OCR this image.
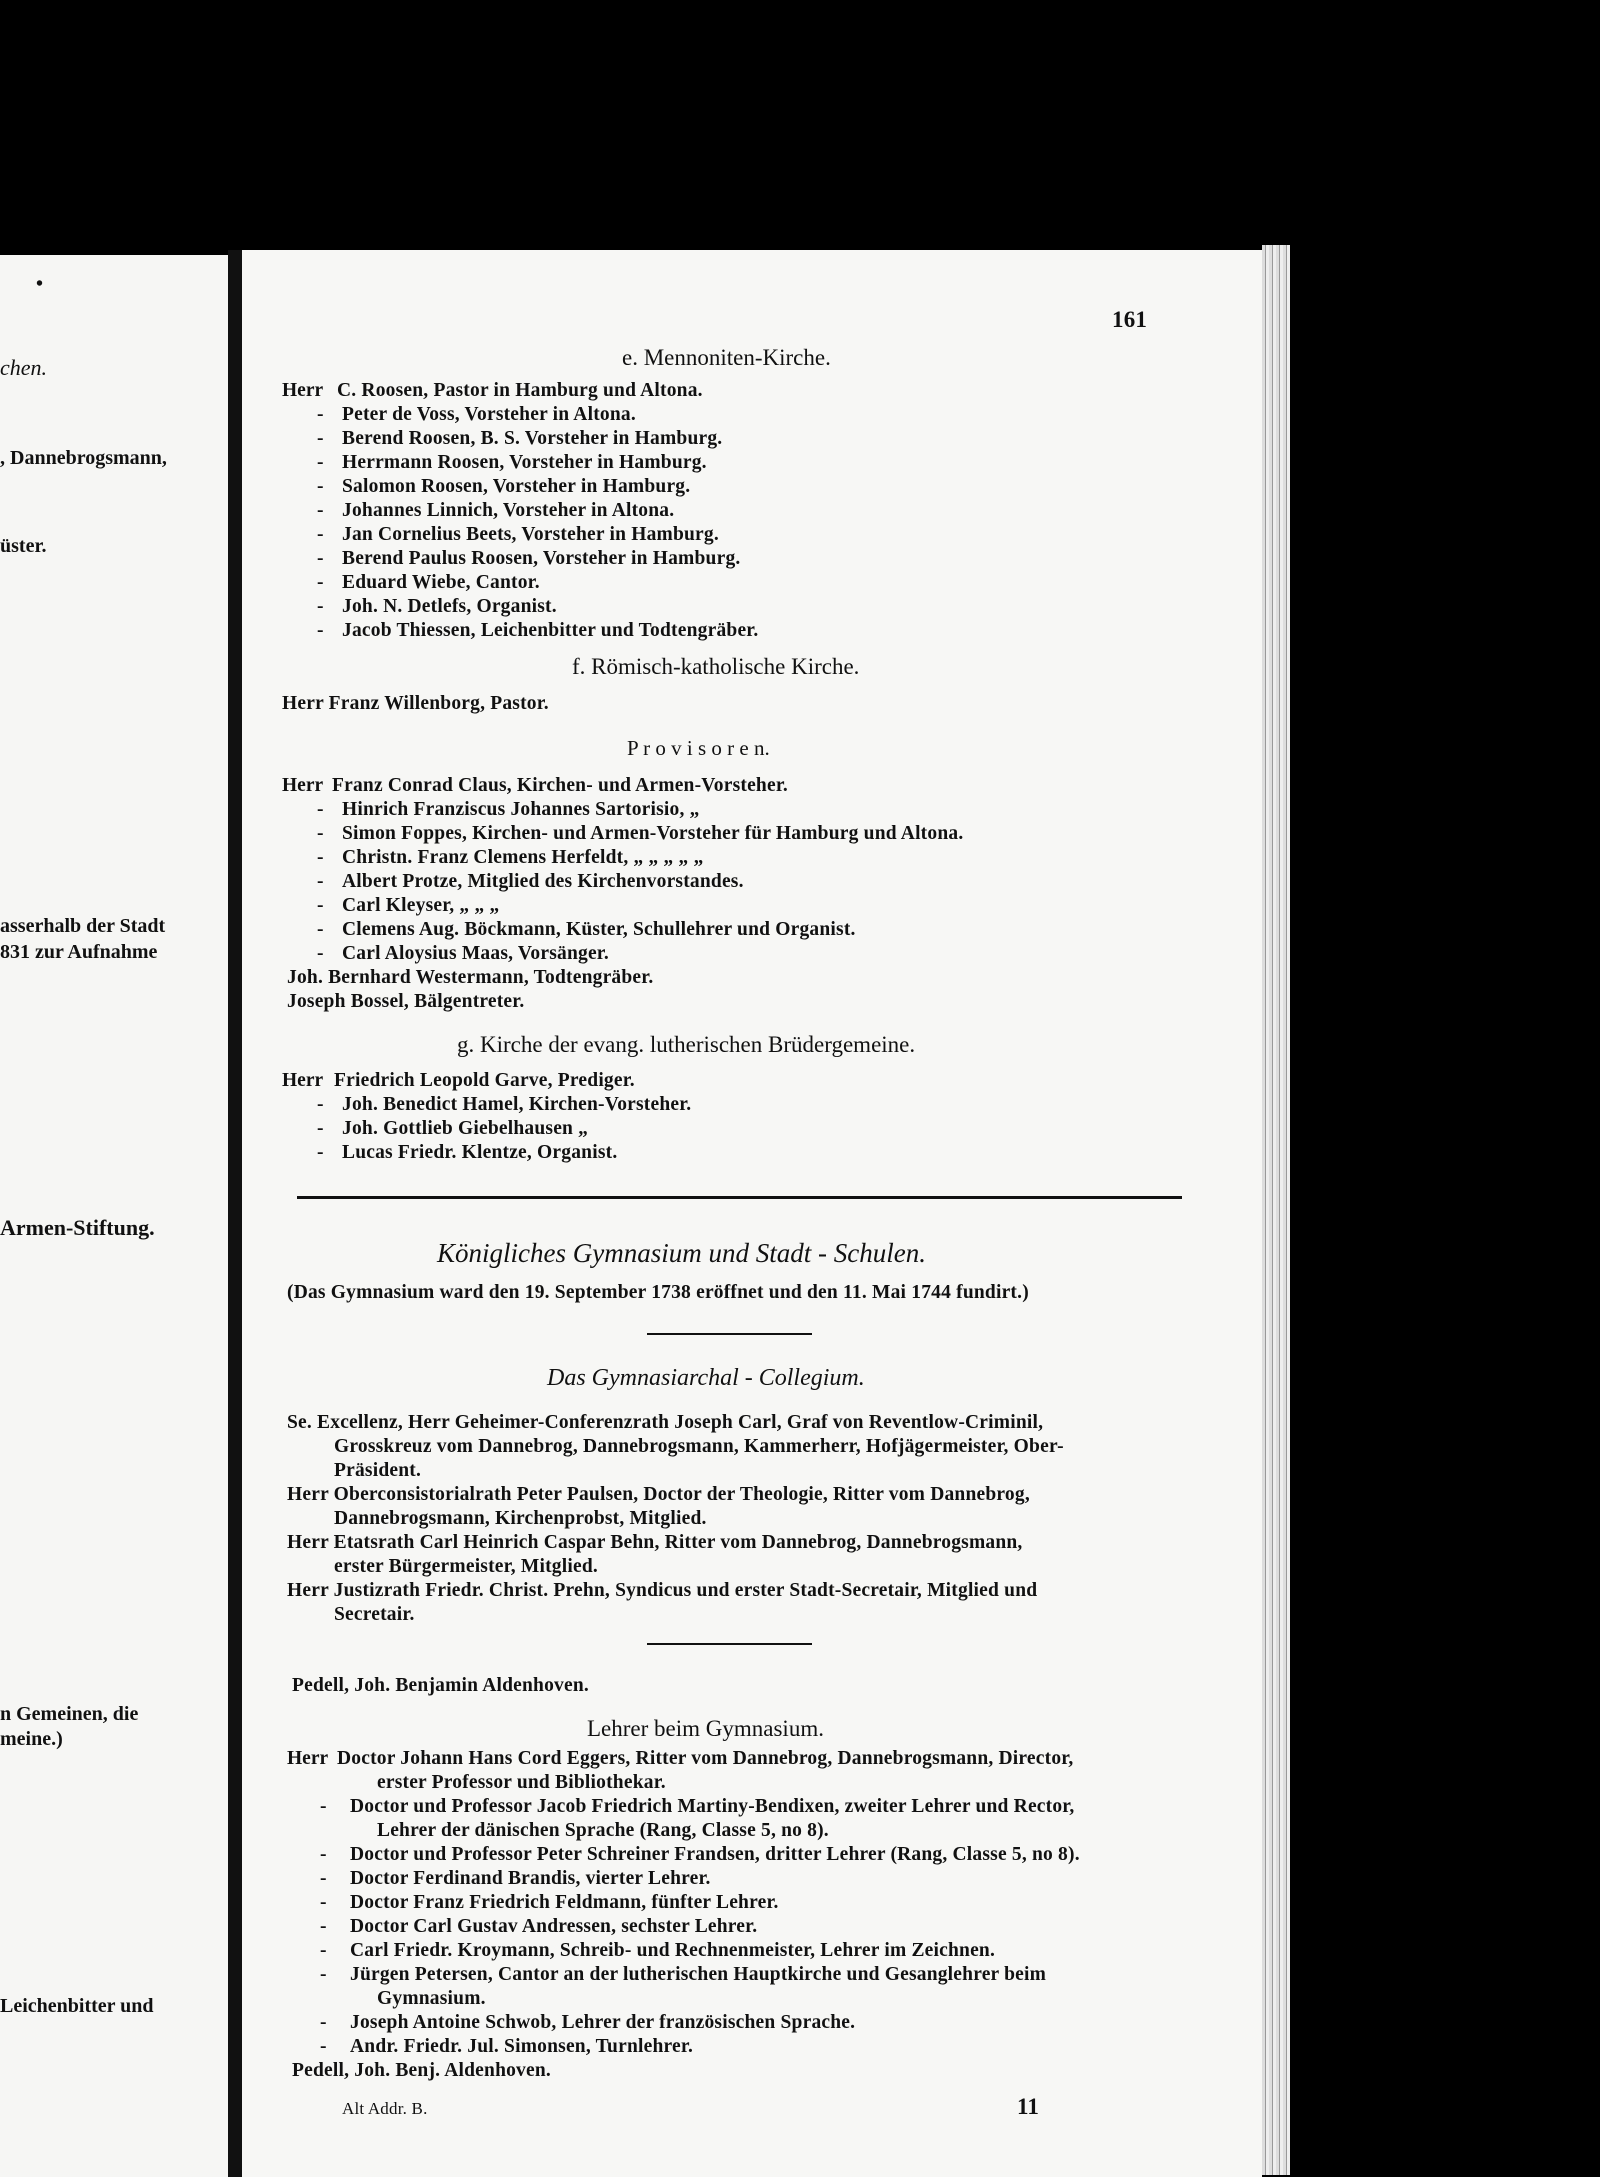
•
chen.
, Dannebrogsmann,
üster.
asserhalb der Stadt
831 zur Aufnahme
Armen-Stiftung.
n Gemeinen, die
meine.)
Leichenbitter und
161
e. Mennoniten-Kirche.
Herr C. Roosen, Pastor in Hamburg und Altona.
- Peter de Voss, Vorsteher in Altona.
- Berend Roosen, B. S. Vorsteher in Hamburg.
- Herrmann Roosen, Vorsteher in Hamburg.
- Salomon Roosen, Vorsteher in Hamburg.
- Johannes Linnich, Vorsteher in Altona.
- Jan Cornelius Beets, Vorsteher in Hamburg.
- Berend Paulus Roosen, Vorsteher in Hamburg.
- Eduard Wiebe, Cantor.
- Joh. N. Detlefs, Organist.
- Jacob Thiessen, Leichenbitter und Todtengräber.
f. Römisch-katholische Kirche.
Herr Franz Willenborg, Pastor.
P r o v i s o r e n.
Herr Franz Conrad Claus, Kirchen- und Armen-Vorsteher.
- Hinrich Franziscus Johannes Sartorisio, „
- Simon Foppes, Kirchen- und Armen-Vorsteher für Hamburg und Altona.
- Christn. Franz Clemens Herfeldt, „ „ „ „ „
- Albert Protze, Mitglied des Kirchenvorstandes.
- Carl Kleyser, „ „ „
- Clemens Aug. Böckmann, Küster, Schullehrer und Organist.
- Carl Aloysius Maas, Vorsänger.
Joh. Bernhard Westermann, Todtengräber.
Joseph Bossel, Bälgentreter.
g. Kirche der evang. lutherischen Brüdergemeine.
Herr Friedrich Leopold Garve, Prediger.
- Joh. Benedict Hamel, Kirchen-Vorsteher.
- Joh. Gottlieb Giebelhausen „
- Lucas Friedr. Klentze, Organist.
Königliches Gymnasium und Stadt - Schulen.
(Das Gymnasium ward den 19. September 1738 eröffnet und den 11. Mai 1744 fundirt.)
Das Gymnasiarchal - Collegium.
Se. Excellenz, Herr Geheimer-Conferenzrath Joseph Carl, Graf von Reventlow-Criminil,
Grosskreuz vom Dannebrog, Dannebrogsmann, Kammerherr, Hofjägermeister, Ober-
Präsident.
Herr Oberconsistorialrath Peter Paulsen, Doctor der Theologie, Ritter vom Dannebrog,
Dannebrogsmann, Kirchenprobst, Mitglied.
Herr Etatsrath Carl Heinrich Caspar Behn, Ritter vom Dannebrog, Dannebrogsmann,
erster Bürgermeister, Mitglied.
Herr Justizrath Friedr. Christ. Prehn, Syndicus und erster Stadt-Secretair, Mitglied und
Secretair.
Pedell, Joh. Benjamin Aldenhoven.
Lehrer beim Gymnasium.
Herr Doctor Johann Hans Cord Eggers, Ritter vom Dannebrog, Dannebrogsmann, Director,
erster Professor und Bibliothekar.
- Doctor und Professor Jacob Friedrich Martiny-Bendixen, zweiter Lehrer und Rector,
Lehrer der dänischen Sprache (Rang, Classe 5, no 8).
- Doctor und Professor Peter Schreiner Frandsen, dritter Lehrer (Rang, Classe 5, no 8).
- Doctor Ferdinand Brandis, vierter Lehrer.
- Doctor Franz Friedrich Feldmann, fünfter Lehrer.
- Doctor Carl Gustav Andressen, sechster Lehrer.
- Carl Friedr. Kroymann, Schreib- und Rechnenmeister, Lehrer im Zeichnen.
- Jürgen Petersen, Cantor an der lutherischen Hauptkirche und Gesanglehrer beim
Gymnasium.
- Joseph Antoine Schwob, Lehrer der französischen Sprache.
- Andr. Friedr. Jul. Simonsen, Turnlehrer.
Pedell, Joh. Benj. Aldenhoven.
Alt Addr. B.	11
